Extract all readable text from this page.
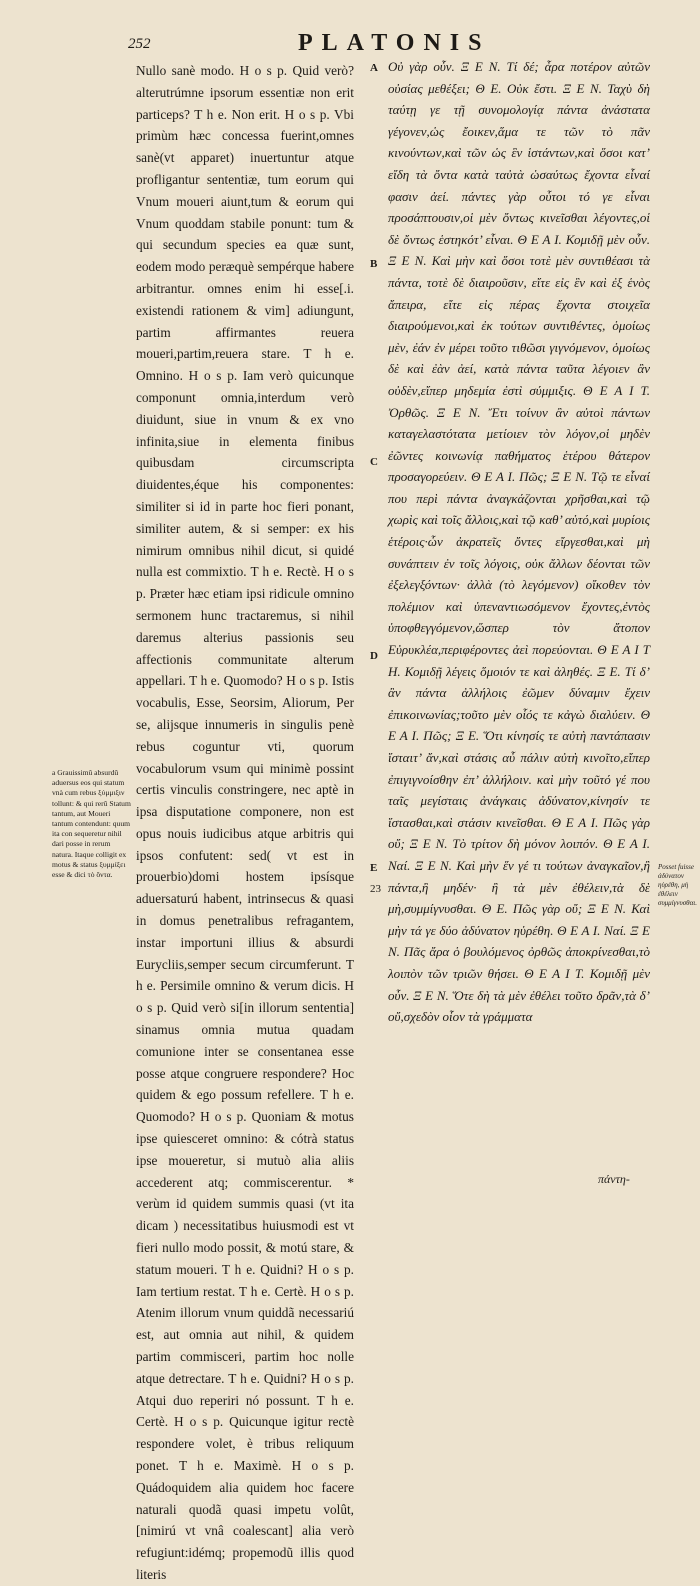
252	PLATONIS

Nullo sanè modo. H o s p. Quid verò? alterutrúmne ipsorum essentiæ non erit particeps? T h e. Non erit. H o s p. Vbi primùm hæc concessa fuerint,omnes sanè(vt apparet) inuertuntur atque profligantur sententiæ, tum eorum qui Vnum moueri aiunt,tum & eorum qui Vnum quoddam stabile ponunt: tum & qui secundum species ea quæ sunt, eodem modo peræquè sempérque habere arbitrantur. omnes enim hi esse[.i. existendi rationem & vim] adiungunt, partim affirmantes reuera moueri,partim,reuera stare. T h e. Omnino. H o s p. Iam verò quicunque componunt omnia,interdum verò diuidunt, siue in vnum & ex vno infinita,siue in elementa finibus quibusdam circumscripta diuidentes,éque his componentes: similiter si id in parte hoc fieri ponant, similiter autem, & si semper: ex his nimirum omnibus nihil dicut, si quidé nulla est commixtio. T h e. Rectè. H o s p. Præter hæc etiam ipsi ridicule omnino sermonem hunc tractaremus, si nihil daremus alterius passionis seu affectionis communitate alterum appellari. T h e. Quomodo? H o s p. Istis vocabulis, Esse, Seorsim, Aliorum, Per se, alijsque innumeris in singulis penè rebus coguntur vti, quorum vocabulorum vsum qui minimè possint certis vinculis constringere, nec aptè in ipsa disputatione componere, non est opus nouis iudicibus atque arbitris qui ipsos confutent: sed( vt est in prouerbio)domi hostem ipsísque aduersaturú habent, intrinsecus & quasi in domus penetralibus refragantem, instar importuni illius & absurdi Eurycliis,semper secum circumferunt. T h e. Persimile omnino & verum dicis. H o s p. Quid verò si[in illorum sententia] sinamus omnia mutua quadam comunione inter se consentanea esse posse atque congruere respondere? Hoc quidem & ego possum refellere. T h e. Quomodo? H o s p. Quoniam & motus ipse quiesceret omnino: & cótrà status ipse moueretur, si mutuò alia aliis accederent atq; commiscerentur. * verùm id quidem summis quasi (vt ita dicam ) necessitatibus huiusmodi est vt fieri nullo modo possit, & motú stare, & statum moueri. T h e. Quidni? H o s p. Iam tertium restat. T h e. Certè. H o s p. Atenim illorum vnum quiddã necessariú est, aut omnia aut nihil, & quidem partim commisceri, partim hoc nolle atque detrectare. T h e. Quidni? H o s p. Atqui duo reperiri nó possunt. T h e. Certè. H o s p. Quicunque igitur rectè respondere volet, è tribus reliquum ponet. T h e. Maximè. H o s p. Quádoquidem alia quidem hoc facere naturali quodã quasi impetu volût,[nimirú vt vnâ coalescant] alia verò refugiunt:idémq; propemodũ illis quod literis

A
B
C
D
E
23

Οὐ γὰρ οὖν. Ξ Ε Ν. Τί δέ; ἆρα ποτέρον αὐτῶν οὐσίας μεθέξει; Θ Ε. Οὐκ ἔστι. Ξ Ε Ν. Ταχὺ δὴ ταύτῃ γε τῇ συνομολογίᾳ πάντα ἀνάστατα γέγονεν,ὡς ἔοικεν,ἅμα τε τῶν τὸ πᾶν κινούντων,καὶ τῶν ὡς ἓν ἱστάντων,καὶ ὅσοι κατ’ εἴδη τὰ ὄντα κατὰ ταὐτὰ ὡσαύτως ἔχοντα εἶναί φασιν ἀεί. πάντες γὰρ οὗτοι τό γε εἶναι προσάπτουσιν,οἱ μὲν ὄντως κινεῖσθαι λέγοντες,οἱ δὲ ὄντως ἑστηκότ’ εἶναι. Θ Ε Α Ι. Κομιδῇ μὲν οὖν. Ξ Ε Ν. Καὶ μὴν καὶ ὅσοι τοτὲ μὲν συντιθέασι τὰ πάντα, τοτὲ δὲ διαιροῦσιν, εἴτε εἰς ἓν καὶ ἐξ ἑνὸς ἄπειρα, εἴτε εἰς πέρας ἔχοντα στοιχεῖα διαιρούμενοι,καὶ ἐκ τούτων συντιθέντες, ὁμοίως μὲν, ἐάν ἐν μέρει τοῦτο τιθῶσι γιγνόμενον, ὁμοίως δὲ καὶ ἐὰν ἀεί, κατὰ πάντα ταῦτα λέγοιεν ἂν οὐδὲν,εἴπερ μηδεμία ἐστὶ σύμμιξις. Θ Ε Α Ι Τ. Ὀρθῶς. Ξ Ε Ν. Ἔτι τοίνυν ἂν αὐτοὶ πάντων καταγελαστότατα μετίοιεν τὸν λόγον,οἱ μηδὲν ἐῶντες κοινωνίᾳ παθήματος ἑτέρου θάτερον προσαγορεύειν. Θ Ε Α Ι. Πῶς; Ξ Ε Ν. Τῷ τε εἶναί που περὶ πάντα ἀναγκάζονται χρῆσθαι,καὶ τῷ χωρὶς καὶ τοῖς ἄλλοις,καὶ τῷ καθ’ αὑτό,καὶ μυρίοις ἑτέροις·ὧν ἀκρατεῖς ὄντες εἴργεσθαι,καὶ μὴ συνάπτειν ἐν τοῖς λόγοις, οὐκ ἄλλων δέονται τῶν ἐξελεγξόντων· ἀλλὰ (τὸ λεγόμενον) οἴκοθεν τὸν πολέμιον καὶ ὑπεναντιωσόμενον ἔχοντες,ἐντὸς ὑποφθεγγόμενον,ὥσπερ τὸν ἄτοπον Εὐρυκλέα,περιφέροντες ἀεὶ πορεύονται. Θ Ε Α Ι Τ Η. Κομιδῇ λέγεις ὅμοιόν τε καὶ ἀληθές. Ξ Ε. Τί δ’ ἂν πάντα ἀλλήλοις ἐῶμεν δύναμιν ἔχειν ἐπικοινωνίας;τοῦτο μὲν οἷός τε κἀγὼ διαλύειν. Θ Ε Α Ι. Πῶς; Ξ Ε. Ὅτι κίνησίς τε αὐτὴ παντάπασιν ἵσταιτ’ ἄν,καὶ στάσις αὖ πάλιν αὐτὴ κινοῖτο,εἴπερ ἐπιγιγνοίσθην ἐπ’ ἀλλήλοιν. καὶ μὴν τοῦτό γέ που ταῖς μεγίσταις ἀνάγκαις ἀδύνατον,κίνησίν τε ἵστασθαι,καὶ στάσιν κινεῖσθαι. Θ Ε Α Ι. Πῶς γὰρ οὔ; Ξ Ε Ν. Τὸ τρίτον δὴ μόνον λοιπόν. Θ Ε Α Ι. Ναί. Ξ Ε Ν. Καὶ μὴν ἕν γέ τι τούτων ἀναγκαῖον,ἢ πάντα,ἢ μηδέν· ἢ τὰ μὲν ἐθέλειν,τὰ δὲ μὴ,συμμίγνυσθαι. Θ Ε. Πῶς γὰρ οὔ; Ξ Ε Ν. Καὶ μὴν τά γε δύο ἀδύνατον ηὑρέθη. Θ Ε Α Ι. Ναί. Ξ Ε Ν. Πᾶς ἄρα ὁ βουλόμενος ὀρθῶς ἀποκρίνεσθαι,τὸ λοιπὸν τῶν τριῶν θήσει. Θ Ε Α Ι Τ. Κομιδῇ μὲν οὖν. Ξ Ε Ν. Ὅτε δὴ τὰ μὲν ἐθέλει τοῦτο δρᾶν,τὰ δ’ οὔ,σχεδὸν οἷον τὰ γράμματα

a Grauissimũ absurdũ aduersus eos qui statum vnà cum rebus ξύμμιξιν tollunt: & qui rerũ Statum tantum, aut Moueri tantum contendunt: quum ita con sequeretur nihil dari posse in rerum natura. Itaque colligit ex motus & status ξυμμίξει esse & dici τὸ ὄντα.
Posset fuisse ἀδύνατον ηὑρέθη, μὴ ἐθέλειν συμμίγνυσθαι.
πάντη-
